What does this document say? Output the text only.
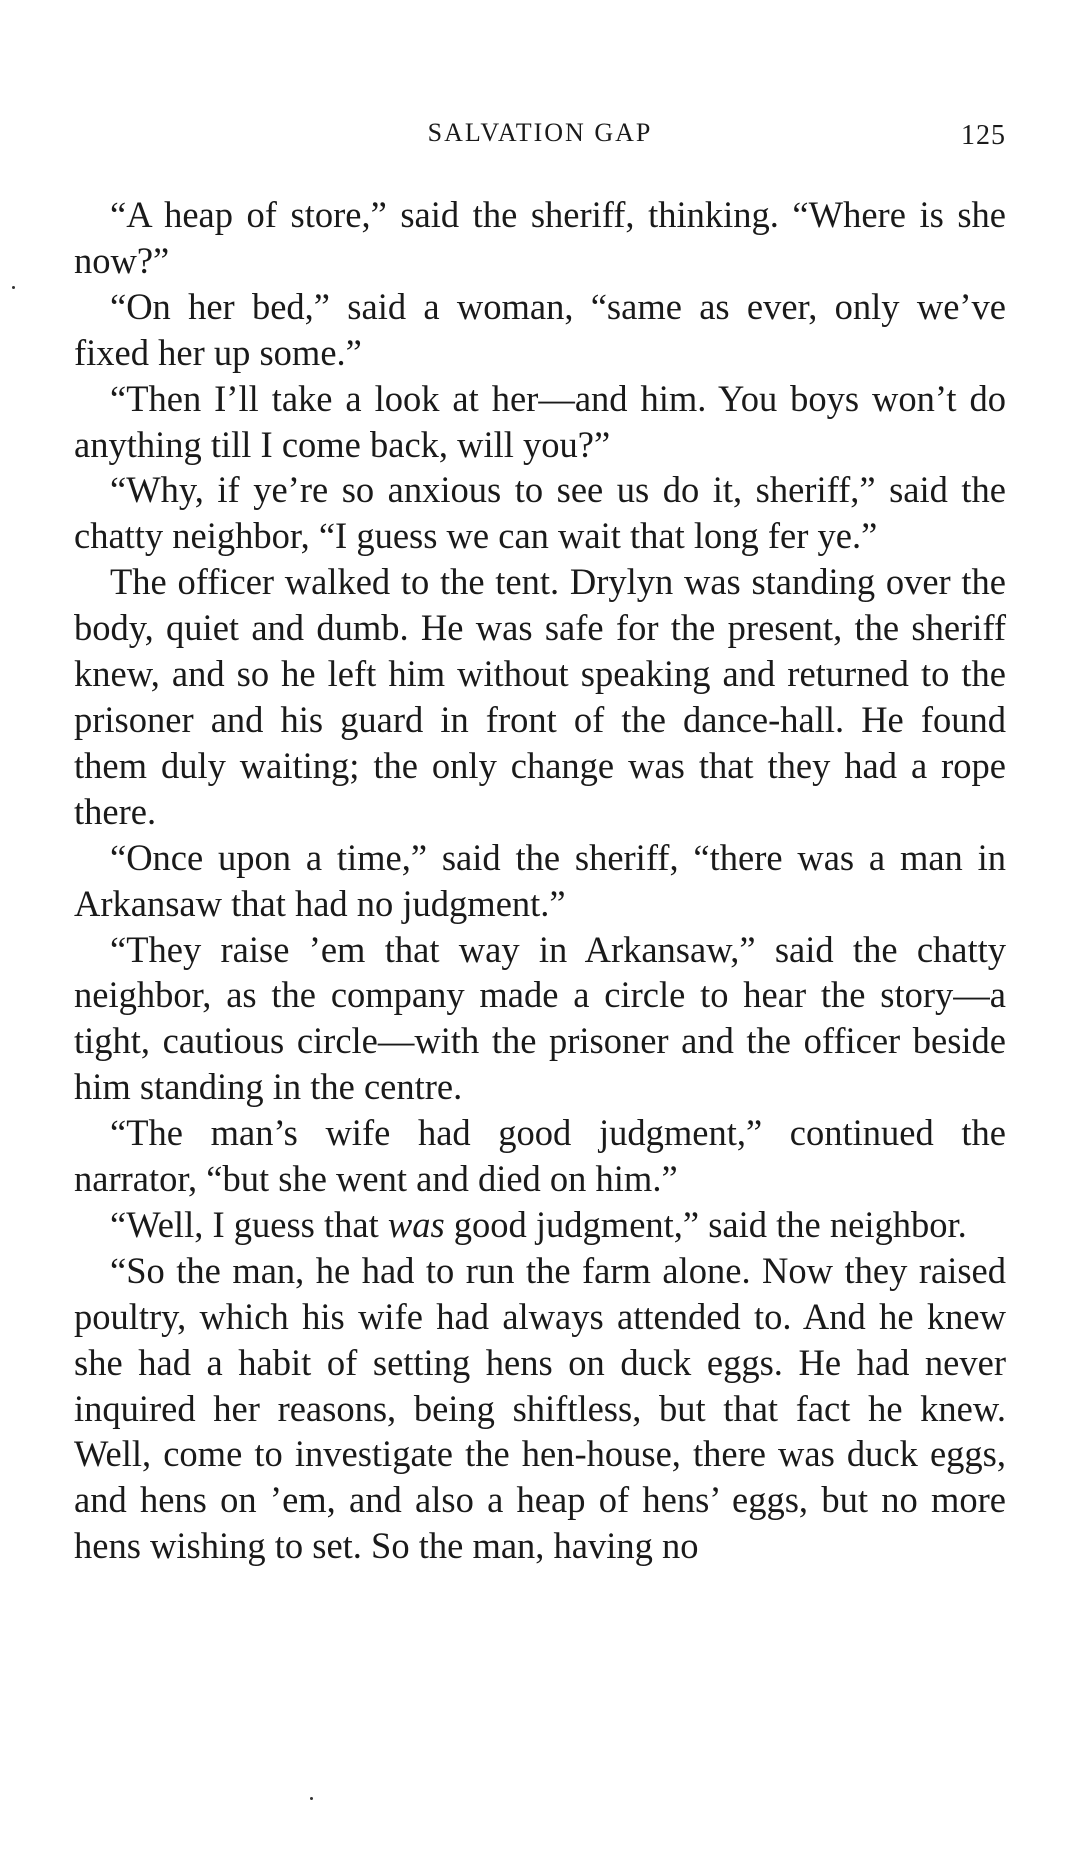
SALVATION GAP	125

“A heap of store,” said the sheriff, thinking. “Where is she now?”

“On her bed,” said a woman, “same as ever, only we’ve fixed her up some.”

“Then I’ll take a look at her—and him. You boys won’t do anything till I come back, will you?”

“Why, if ye’re so anxious to see us do it, sheriff,” said the chatty neighbor, “I guess we can wait that long fer ye.”

The officer walked to the tent. Drylyn was standing over the body, quiet and dumb. He was safe for the present, the sheriff knew, and so he left him without speaking and returned to the prisoner and his guard in front of the dance-hall. He found them duly waiting; the only change was that they had a rope there.

“Once upon a time,” said the sheriff, “there was a man in Arkansaw that had no judgment.”

“They raise ’em that way in Arkansaw,” said the chatty neighbor, as the company made a circle to hear the story—a tight, cautious circle—with the prisoner and the officer beside him standing in the centre.

“The man’s wife had good judgment,” continued the narrator, “but she went and died on him.”

“Well, I guess that was good judgment,” said the neighbor.

“So the man, he had to run the farm alone. Now they raised poultry, which his wife had always attended to. And he knew she had a habit of setting hens on duck eggs. He had never inquired her reasons, being shiftless, but that fact he knew. Well, come to investigate the hen-house, there was duck eggs, and hens on ’em, and also a heap of hens’ eggs, but no more hens wishing to set. So the man, having no
